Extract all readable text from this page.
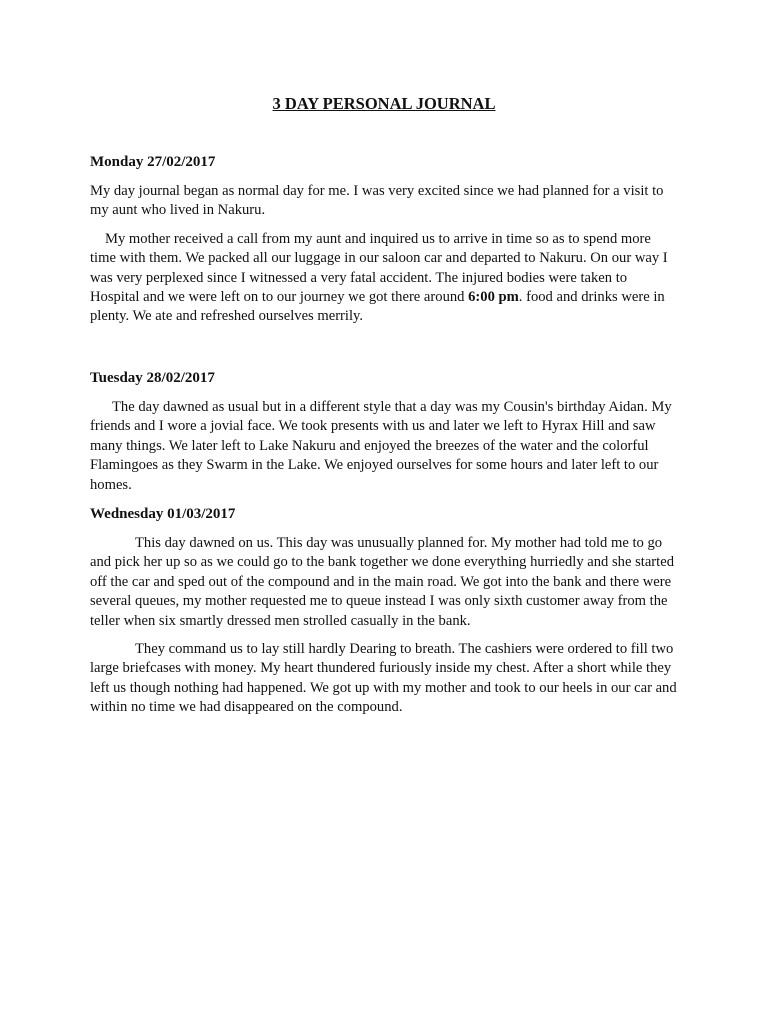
3 DAY PERSONAL JOURNAL

Monday 27/02/2017

My day journal began as normal day for me. I was very excited since we had planned for a visit to my aunt who lived in Nakuru.

My mother received a call from my aunt and inquired us to arrive in time so as to spend more time with them. We packed all our luggage in our saloon car and departed to Nakuru. On our way I was very perplexed since I witnessed a very fatal accident. The injured bodies were taken to Hospital and we were left on to our journey we got there around 6:00 pm. food and drinks were in plenty. We ate and refreshed ourselves merrily.

Tuesday 28/02/2017

The day dawned as usual but in a different style that a day was my Cousin's birthday Aidan. My friends and I wore a jovial face. We took presents with us and later we left to Hyrax Hill and saw many things. We later left to Lake Nakuru and enjoyed the breezes of the water and the colorful Flamingoes as they Swarm in the Lake. We enjoyed ourselves for some hours and later left to our homes.

Wednesday 01/03/2017

This day dawned on us. This day was unusually planned for. My mother had told me to go and pick her up so as we could go to the bank together we done everything hurriedly and she started off the car and sped out of the compound and in the main road. We got into the bank and there were several queues, my mother requested me to queue instead I was only sixth customer away from the teller when six smartly dressed men strolled casually in the bank.

They command us to lay still hardly Dearing to breath. The cashiers were ordered to fill two large briefcases with money. My heart thundered furiously inside my chest. After a short while they left us though nothing had happened. We got up with my mother and took to our heels in our car and within no time we had disappeared on the compound.
